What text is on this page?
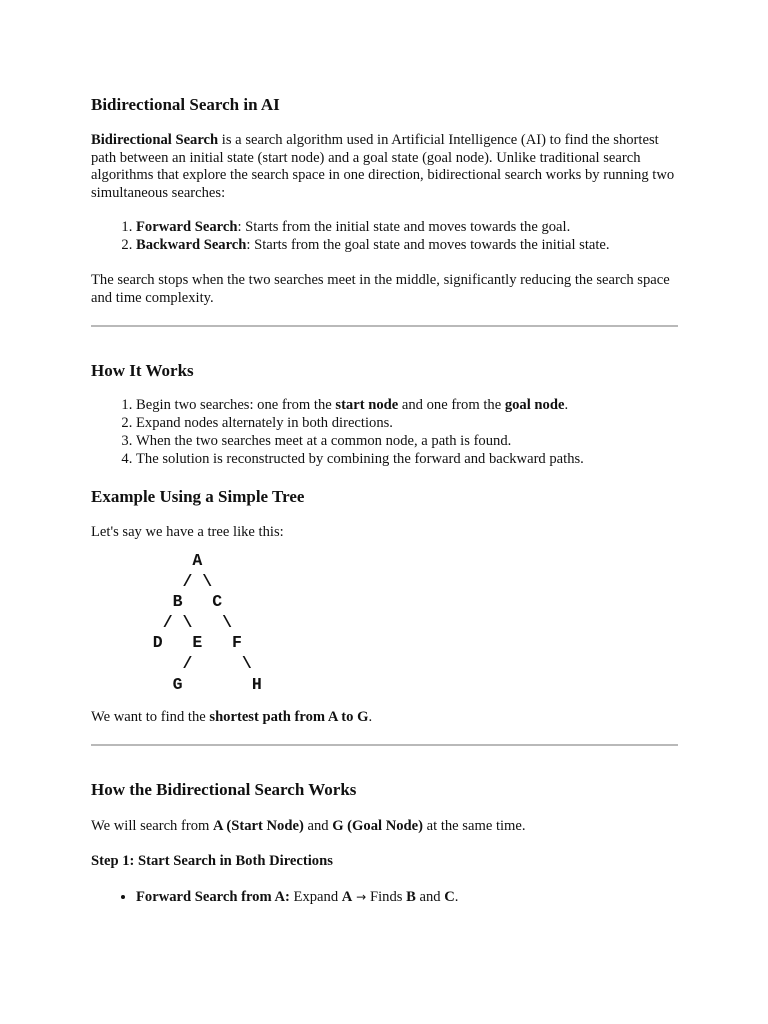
Bidirectional Search in AI

Bidirectional Search is a search algorithm used in Artificial Intelligence (AI) to find the shortest path between an initial state (start node) and a goal state (goal node). Unlike traditional search algorithms that explore the search space in one direction, bidirectional search works by running two simultaneous searches:

1. Forward Search: Starts from the initial state and moves towards the goal.
2. Backward Search: Starts from the goal state and moves towards the initial state.

The search stops when the two searches meet in the middle, significantly reducing the search space and time complexity.

How It Works
1. Begin two searches: one from the start node and one from the goal node.
2. Expand nodes alternately in both directions.
3. When the two searches meet at a common node, a path is found.
4. The solution is reconstructed by combining the forward and backward paths.
Example Using a Simple Tree

Let's say we have a tree like this:

A
/ \
B   C
/ \   \
D   E   F
/     \
G       H

We want to find the shortest path from A to G.

How the Bidirectional Search Works

We will search from A (Start Node) and G (Goal Node) at the same time.

Step 1: Start Search in Both Directions

• Forward Search from A: Expand A → Finds B and C.
